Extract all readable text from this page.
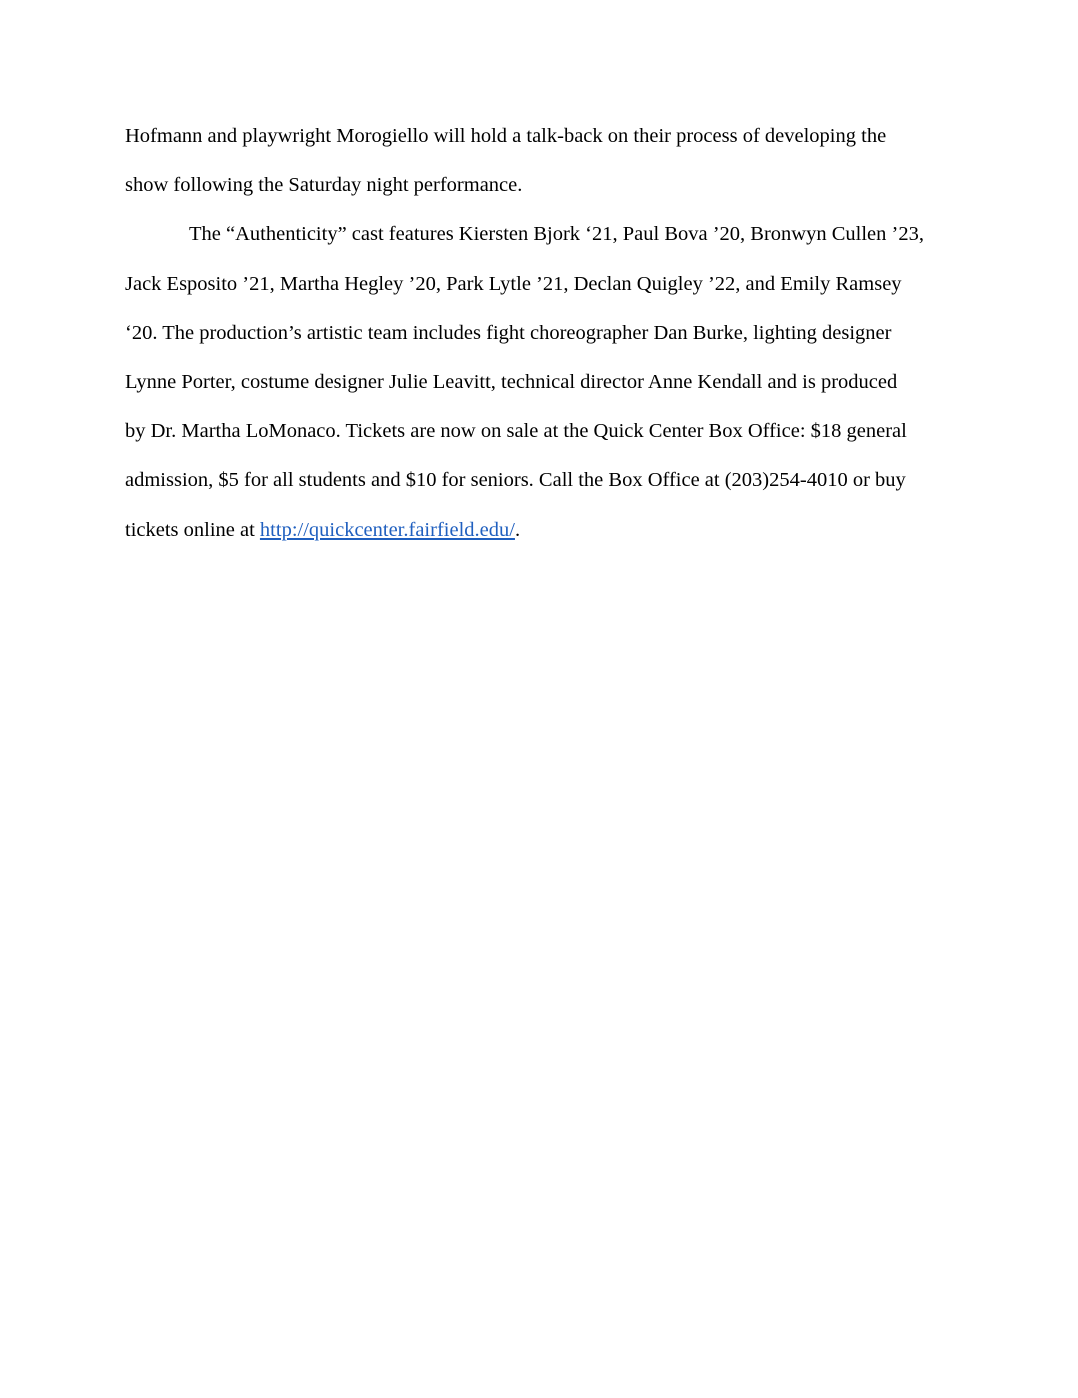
Hofmann and playwright Morogiello will hold a talk-back on their process of developing the
show following the Saturday night performance.

The “Authenticity” cast features Kiersten Bjork ‘21, Paul Bova ’20, Bronwyn Cullen ’23,
Jack Esposito ’21, Martha Hegley ’20, Park Lytle ’21, Declan Quigley ’22, and Emily Ramsey
‘20. The production’s artistic team includes fight choreographer Dan Burke, lighting designer
Lynne Porter, costume designer Julie Leavitt, technical director Anne Kendall and is produced
by Dr. Martha LoMonaco. Tickets are now on sale at the Quick Center Box Office: $18 general
admission, $5 for all students and $10 for seniors. Call the Box Office at (203)254-4010 or buy
tickets online at http://quickcenter.fairfield.edu/.
